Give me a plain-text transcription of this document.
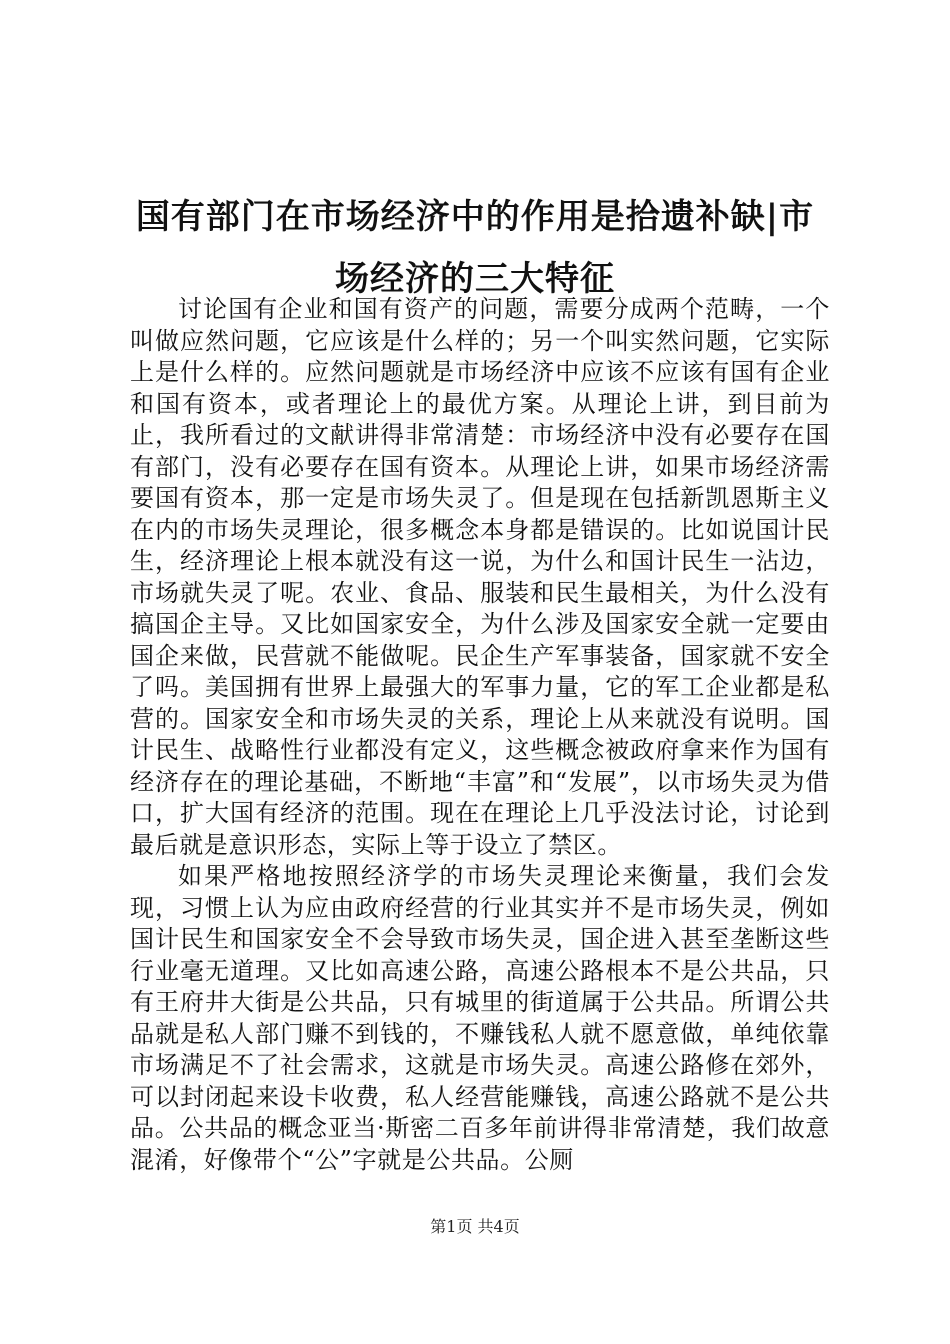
国有部门在市场经济中的作用是拾遗补缺|市场经济的三大特征

讨论国有企业和国有资产的问题，需要分成两个范畴，一个叫做应然问题，它应该是什么样的；另一个叫实然问题，它实际上是什么样的。应然问题就是市场经济中应该不应该有国有企业和国有资本，或者理论上的最优方案。从理论上讲，到目前为止，我所看过的文献讲得非常清楚：市场经济中没有必要存在国有部门，没有必要存在国有资本。从理论上讲，如果市场经济需要国有资本，那一定是市场失灵了。但是现在包括新凯恩斯主义在内的市场失灵理论，很多概念本身都是错误的。比如说国计民生，经济理论上根本就没有这一说，为什么和国计民生一沾边，市场就失灵了呢。农业、食品、服装和民生最相关，为什么没有搞国企主导。又比如国家安全，为什么涉及国家安全就一定要由国企来做，民营就不能做呢。民企生产军事装备，国家就不安全了吗。美国拥有世界上最强大的军事力量，它的军工企业都是私营的。国家安全和市场失灵的关系，理论上从来就没有说明。国计民生、战略性行业都没有定义，这些概念被政府拿来作为国有经济存在的理论基础，不断地“丰富”和“发展”，以市场失灵为借口，扩大国有经济的范围。现在在理论上几乎没法讨论，讨论到最后就是意识形态，实际上等于设立了禁区。

如果严格地按照经济学的市场失灵理论来衡量，我们会发现，习惯上认为应由政府经营的行业其实并不是市场失灵，例如国计民生和国家安全不会导致市场失灵，国企进入甚至垄断这些行业毫无道理。又比如高速公路，高速公路根本不是公共品，只有王府井大街是公共品，只有城里的街道属于公共品。所谓公共品就是私人部门赚不到钱的，不赚钱私人就不愿意做，单纯依靠市场满足不了社会需求，这就是市场失灵。高速公路修在郊外，可以封闭起来设卡收费，私人经营能赚钱，高速公路就不是公共品。公共品的概念亚当·斯密二百多年前讲得非常清楚，我们故意混淆，好像带个“公”字就是公共品。公厕

第1页 共4页
